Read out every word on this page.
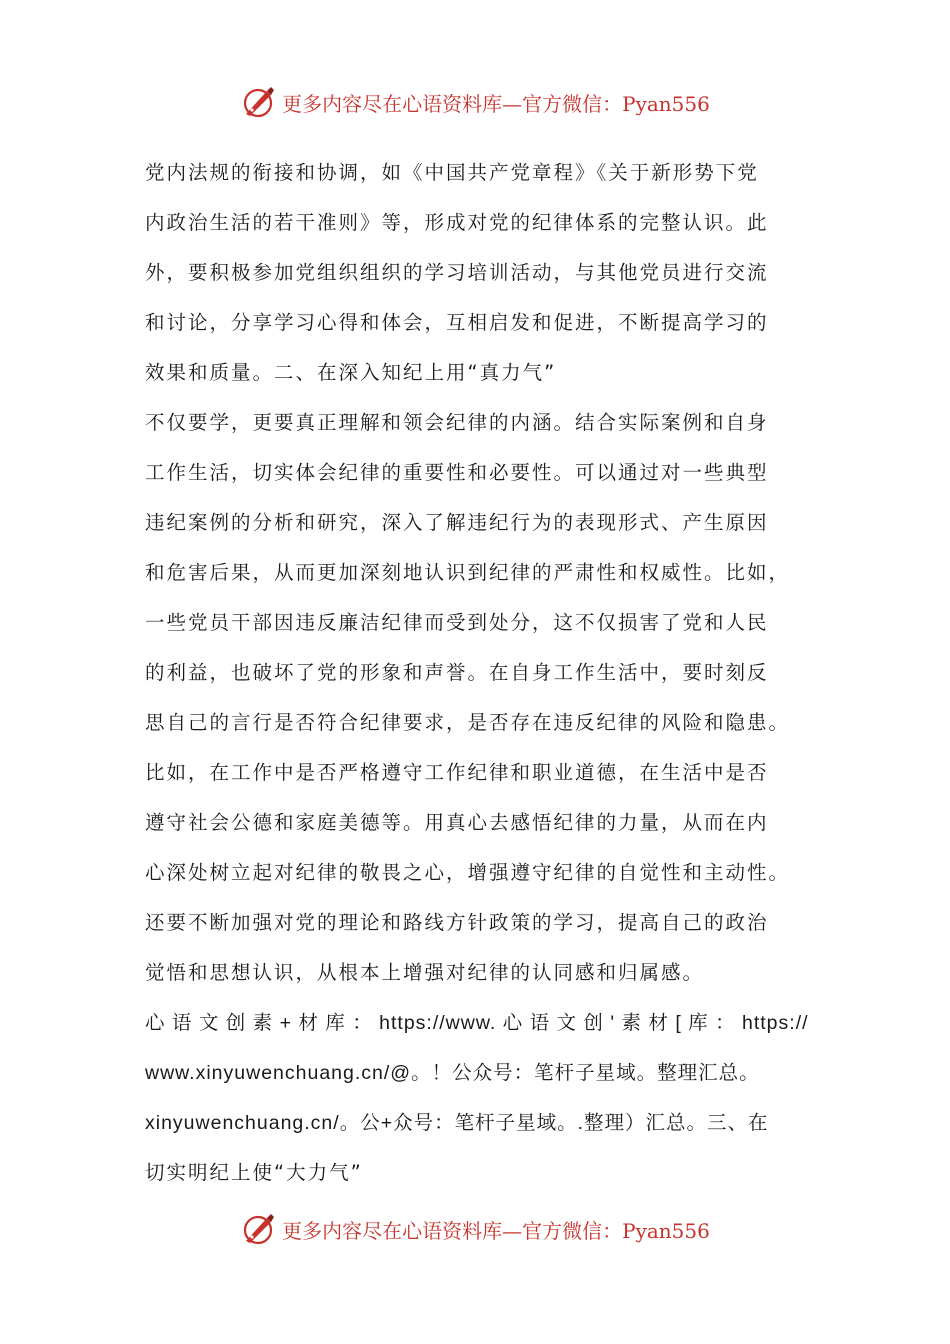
更多内容尽在心语资料库—官方微信：Pyan556
党内法规的衔接和协调，如《中国共产党章程》《关于新形势下党
内政治生活的若干准则》等，形成对党的纪律体系的完整认识。此
外，要积极参加党组织组织的学习培训活动，与其他党员进行交流
和讨论，分享学习心得和体会，互相启发和促进，不断提高学习的
效果和质量。二、在深入知纪上用“真力气”
不仅要学，更要真正理解和领会纪律的内涵。结合实际案例和自身
工作生活，切实体会纪律的重要性和必要性。可以通过对一些典型
违纪案例的分析和研究，深入了解违纪行为的表现形式、产生原因
和危害后果，从而更加深刻地认识到纪律的严肃性和权威性。比如，
一些党员干部因违反廉洁纪律而受到处分，这不仅损害了党和人民
的利益，也破坏了党的形象和声誉。在自身工作生活中，要时刻反
思自己的言行是否符合纪律要求，是否存在违反纪律的风险和隐患。
比如，在工作中是否严格遵守工作纪律和职业道德，在生活中是否
遵守社会公德和家庭美德等。用真心去感悟纪律的力量，从而在内
心深处树立起对纪律的敬畏之心，增强遵守纪律的自觉性和主动性。
还要不断加强对党的理论和路线方针政策的学习，提高自己的政治
觉悟和思想认识，从根本上增强对纪律的认同感和归属感。
心 语 文 创 素 + 材 库 ： https://www. 心 语 文 创 ' 素 材 [ 库 ： https://
www.xinyuwenchuang.cn/@。！公众号：笔杆子星域。整理汇总。
xinyuwenchuang.cn/。公+众号：笔杆子星域。.整理）汇总。三、在
切实明纪上使“大力气”
更多内容尽在心语资料库—官方微信：Pyan556
